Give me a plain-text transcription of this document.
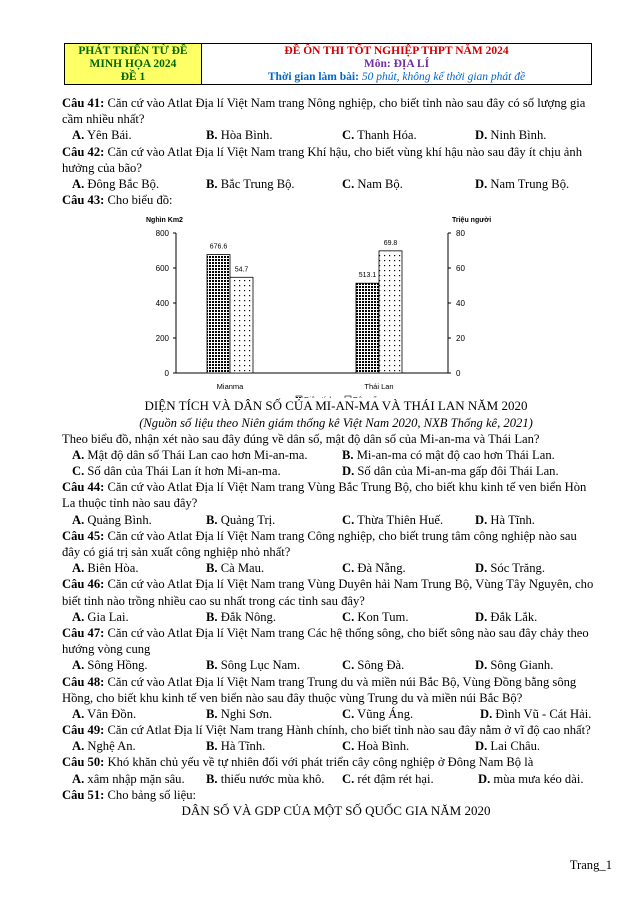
PHÁT TRIỂN TỪ ĐỀ
MINH HỌA 2024
ĐỀ 1

ĐỀ ÔN THI TỐT NGHIỆP THPT NĂM 2024
Môn: ĐỊA LÍ
Thời gian làm bài: 50 phút, không kể thời gian phát đề
Câu 41: Căn cứ vào Atlat Địa lí Việt Nam trang Nông nghiệp, cho biết tỉnh nào sau đây có số lượng gia
cầm nhiều nhất?
A. Yên Bái.	B. Hòa Bình.	C. Thanh Hóa.	D. Ninh Bình.
Câu 42: Căn cứ vào Atlat Địa lí Việt Nam trang Khí hậu, cho biết vùng khí hậu nào sau đây ít chịu ảnh
hưởng của bão?
A. Đông Bắc Bộ.	B. Bắc Trung Bộ.	C. Nam Bộ.	D. Nam Trung Bộ.
Câu 43: Cho biểu đồ:
0
200
400
600
800
0
20
40
60
80
Nghìn Km2	Triệu người
676.6
54.7
Mianma
513.1
69.8
Thái Lan
DIỆN TÍCH VÀ DÂN SỐ CỦA MI-AN-MA VÀ THÁI LAN NĂM 2020
(Nguồn số liệu theo Niên giám thống kê Việt Nam 2020, NXB Thống kê, 2021)
Theo biểu đồ, nhận xét nào sau đây đúng về dân số, mật độ dân số của Mi-an-ma và Thái Lan?
A. Mật độ dân số Thái Lan cao hơn Mi-an-ma.	B. Mi-an-ma có mật độ cao hơn Thái Lan.
C. Số dân của Thái Lan ít hơn Mi-an-ma.	D. Số dân của Mi-an-ma gấp đôi Thái Lan.
Câu 44: Căn cứ vào Atlat Địa lí Việt Nam trang Vùng Bắc Trung Bộ, cho biết khu kinh tế ven biển Hòn
La thuộc tỉnh nào sau đây?
A. Quảng Bình.	B. Quảng Trị.	C. Thừa Thiên Huế.	D. Hà Tĩnh.
Câu 45: Căn cứ vào Atlat Địa lí Việt Nam trang Công nghiệp, cho biết trung tâm công nghiệp nào sau
đây có giá trị sản xuất công nghiệp nhỏ nhất?
A. Biên Hòa.	B. Cà Mau.	C. Đà Nẵng.	D. Sóc Trăng.
Câu 46: Căn cứ vào Atlat Địa lí Việt Nam trang Vùng Duyên hải Nam Trung Bộ, Vùng Tây Nguyên, cho
biết tỉnh nào trồng nhiều cao su nhất trong các tỉnh sau đây?
A. Gia Lai.	B. Đắk Nông.	C. Kon Tum.	D. Đắk Lắk.
Câu 47: Căn cứ vào Atlat Địa lí Việt Nam trang Các hệ thống sông, cho biết sông nào sau đây chảy theo
hướng vòng cung
A. Sông Hồng.	B. Sông Lục Nam.	C. Sông Đà.	D. Sông Gianh.
Câu 48: Căn cứ vào Atlat Địa lí Việt Nam trang Trung du và miền núi Bắc Bộ, Vùng Đồng bằng sông
Hồng, cho biết khu kinh tế ven biển nào sau đây thuộc vùng Trung du và miền núi Bắc Bộ?
A. Vân Đồn.	B. Nghi Sơn.	C. Vũng Áng.	D. Đình Vũ - Cát Hải.
Câu 49: Căn cứ Atlat Địa lí Việt Nam trang Hành chính, cho biết tỉnh nào sau đây nằm ở vĩ độ cao nhất?
A. Nghệ An.	B. Hà Tĩnh.	C. Hoà Bình.	D. Lai Châu.
Câu 50: Khó khăn chủ yếu về tự nhiên đối với phát triển cây công nghiệp ở Đông Nam Bộ là
A. xâm nhập mặn sâu. B. thiếu nước mùa khô. C. rét đậm rét hại.	D. mùa mưa kéo dài.
Câu 51: Cho bảng số liệu:
DÂN SỐ VÀ GDP CỦA MỘT SỐ QUỐC GIA NĂM 2020
Trang_1
